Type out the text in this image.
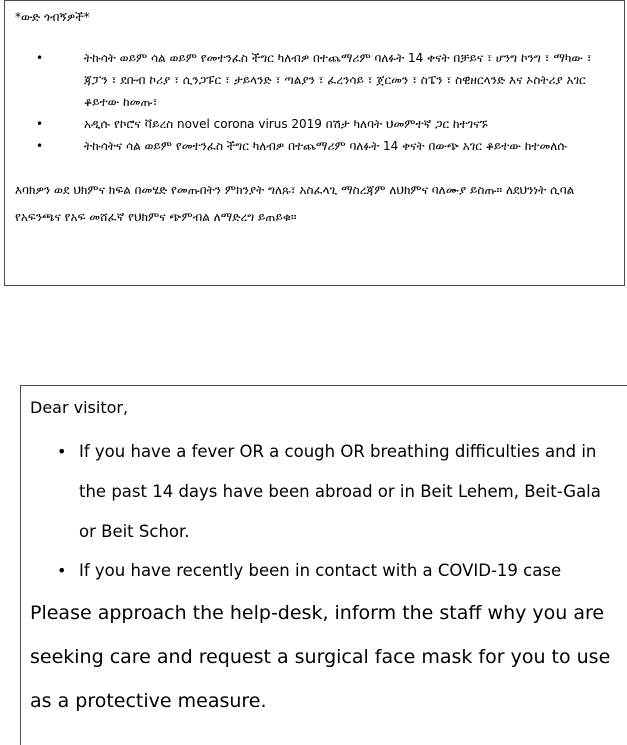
*ውድ ጎብኝዎች*
•	ትኩሳት ወይም ሳል ወይም የመተንፈስ ችግር ካለብዎ በተጨማሪም ባለፉት 14 ቀናት በቻይና ፣ ሆንግ ኮንግ ፣ ማካው ፣ ጃፓን ፣ ደቡብ ኮሪያ ፣ ሲንጋፑር ፣ ታይላንድ ፣ ጣልያን ፣ ፈረንሳይ ፣ ጀርመን ፣ ስፔን ፣ ስዊዘርላንድ እና ኦስትሪያ አገር ቆይተው ከመጡ፣

•	አዲሱ የኮሮና ቫይረስ novel corona virus 2019 በሽታ ካለባት ህመምተኛ ጋር ከተገናኙ

•	ትኩሳትና ሳል ወይም የመተንፈስ ችግር ካለብዎ በተጨማሪም ባለፉት 14 ቀናት በውጭ አገር ቆይተው ከተመለሱ

እባክዎን ወደ ህክምና ክፍል በመሄድ የመጡበትን ምክንያት ግለጹ፣ አስፈላጊ ማስረጃም ለህክምና ባለሙያ ይስጡ። ለደህንነት ሲባል የአፍንጫና የአፍ መሸፈኛ የህክምና ጭምብል ለማድረግ ይጠይቁ።

Dear visitor,
• If you have a fever OR a cough OR breathing difficulties and in the past 14 days have been abroad or in Beit Lehem, Beit-Gala or Beit Schor.

• If you have recently been in contact with a COVID-19 case

Please approach the help-desk, inform the staff why you are seeking care and request a surgical face mask for you to use as a protective measure.
